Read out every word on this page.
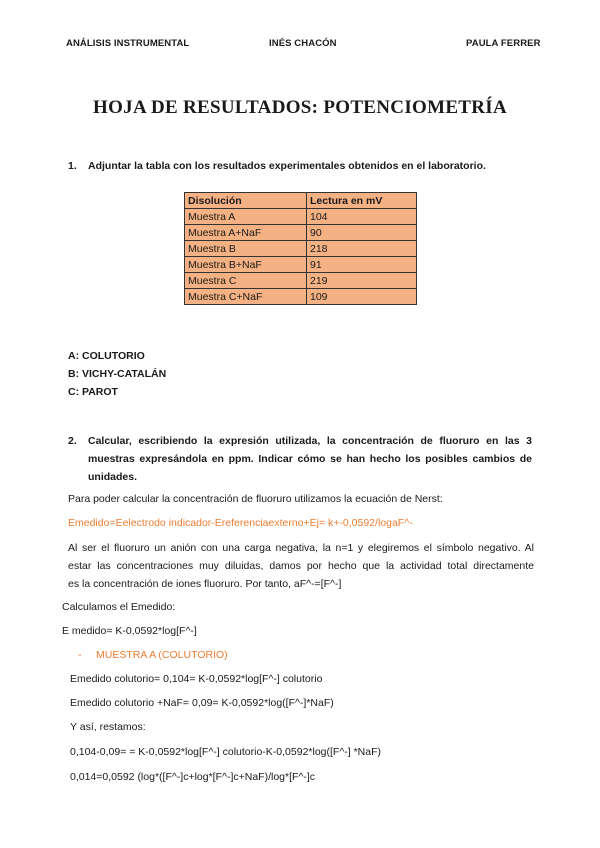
ANÁLISIS INSTRUMENTAL	INÉS CHACÓN	PAULA FERRER
HOJA DE RESULTADOS: POTENCIOMETRÍA
1. Adjuntar la tabla con los resultados experimentales obtenidos en el laboratorio.
Disolución	Lectura en mV
Muestra A	104
Muestra A+NaF	90
Muestra B	218
Muestra B+NaF	91
Muestra C	219
Muestra C+NaF	109
A: COLUTORIO
B: VICHY-CATALÁN
C: PAROT
2. Calcular, escribiendo la expresión utilizada, la concentración de fluoruro en las 3
muestras expresándola en ppm. Indicar cómo se han hecho los posibles cambios de
unidades.
Para poder calcular la concentración de fluoruro utilizamos la ecuación de Nerst:
Emedido=Eelectrodo indicador-Ereferenciaexterno+Ej= k+-0,0592/logaF^-
Al ser el fluoruro un anión con una carga negativa, la n=1 y elegiremos el símbolo negativo. Al
estar las concentraciones muy diluidas, damos por hecho que la actividad total directamente
es la concentración de iones fluoruro. Por tanto, aF^-=[F^-]
Calculamos el Emedido:
E medido= K-0,0592*log[F^-]
- MUESTRA A (COLUTORIO)
Emedido colutorio= 0,104= K-0,0592*log[F^-] colutorio
Emedido colutorio +NaF= 0,09= K-0,0592*log([F^-]*NaF)
Y así, restamos:
0,104-0,09= = K-0,0592*log[F^-] colutorio-K-0,0592*log([F^-] *NaF)
0,014=0,0592 (log*([F^-]c+log*[F^-]c+NaF)/log*[F^-]c
